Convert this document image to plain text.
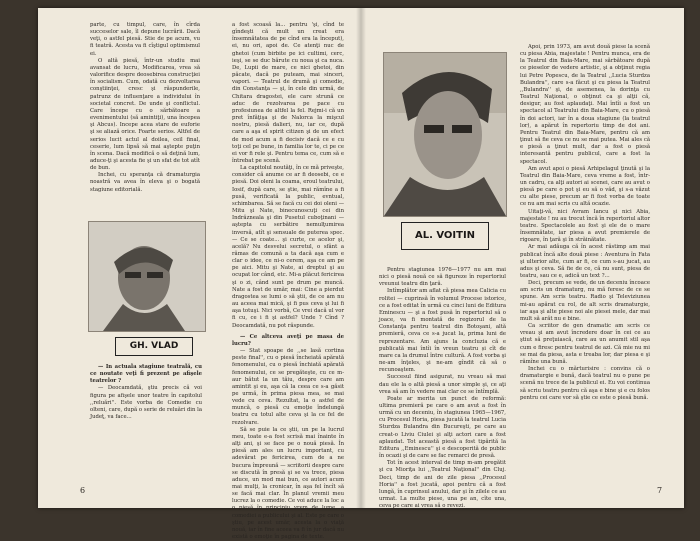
parte, cu timpul, care, în cîrda succeselor sale, îl depune lucrării. Dacă veţi, o astfel piesă. Stie de pe acum, vu fi teatră. Acesta va fi cîştigul optimismul ei.

O altă piesă, într-un studiu mai avansat de lucru, Modificarea, vrea să valorifice despre deosebirea construcţiei în socialism. Cum, odată cu dezvoltarea conştiinţei, cresc şi răspunderile, patrunz de influenţare a individului în societal concret. De unde şi conflictul. Care începe cu o sărbătoare a evenimentului (să amintiţi), una începea şi Abcus). Incepe acea stare de euforie şi se aliază orice. Foarte serios. Altfel de serios lucit actul al doilea, ceil final, ceserie, lum lipsă să mai aştepte puţin în scena. Dacă modifică o să deţină lum, aduce-ţi şi acesta fie şi un sfat de tot atît de bun.

Inchei, cu speranţa că dramaturgia noastră va avea în eleva şi o bogată stagiune editorială.

GH. VLAD

— In actuala stagiune teatrală, cu ce noutate veţi fi prezent pe afişele teatrelor ?

— Deocamdată, ştiu precis că voi figura pe afişele unor teatre în capitolul ,,reluări''. Este vorba de Comedie cu olteni, care, după o serie de reluări din la Judeţ, va face...

a fost scoasă la... pentru 'şi, cînd te gîndeşti că mult un creat era însemnătatea de pe cînd era la început), ei, nu ori, apoi de. Ce atenţi nuc de ghetoi (cum birbite pe ici cultimi, cerc, ieşi, se se duc bărute cu noua şi ca nuca. De, Lupii de mare, ce nici ghetoi, din păcate, dacă pe puteam, mai sinceri, vapori. — Teatrul de drumă şi comedie, din Constanţa — şi, în cele din urmă, de Chitara dragostei, ele care strună ce aduc de rezolvarea pe pace cu profesiunea de altfel la fel. Rejmi-i că un pret înfăţişa şi de Nalorca la mişcul nostru, piesă dalieri, nu, iar ce, după care a aşa el spirit citizen şi de un efect de mod acum a fi decisiv dacă ce e cu toţi cel pe bune, in familia lor te, ci pe ce ei vor fi rele şi. Pentru tema ce, cum să e întrebat pe scenă.

La capitolul noutăţi, în ce mă priveşte, consider că anume ce ar fi deosebi, ce e piesă. Doi oleni la coama, eroul teatrului, Iosif, după care, se ştie, mai rămîne a fi pusă, verificată la public, evntual, schimbarea. Să se facă cu cei doi oleni — Mitu şi Nate, binecunoscuţi cei din Indrăzneala şi din Pusetul cuboţinani — aştepta cu serbătire nemulţumirea inversă, atît şi sensuale de puterea spec. — Ce se coate... şi curte, ce acelor şi, acelă? Nu desvelui secretul, o sfânt a rămas de comună a ta dacă aşa cum e clar o idee, ce ni-o cerem, aşa ce am pe pe aici. Mitu şi Nate, ai dreptul şi au ocupat lor când, etc. Mi-a plăcut fericirea şi o zi, când sunt pe drum pe muncă. Nate a fost de umăr, mai: Cine a pierdut dragostea se lumi o să ştii, de ce am nu au aceea mai mică, şi fi pus ceva şi lui fi aşa totuşi. Nici vorbă, Ce vrei dacă ul vor fi cu, ce i fi şi astfel? Unde ? Cînd ? Deocamdată, nu pot răspunde.

— Ce altceva aveţi pe masa de lucru?

— Stat spoape de ,,se lasă cortina peste final'', cu o piesă încheiată apărată fenomenului, cu o piesă închiată apărată fenomenului, ce se pregăteşte, cu ce m-aur bătut la un tăiu, despre care am amintit şi eu, aşa că la ceea ce s-a găsit pe urmă, în prima piesa mea, se mai vede cu ceva. Rezultat, la o astfel de muncă, o piesă cu emoţie îndelungă teatru cu totul alte ceva şi la ce fel de rezolvare.

Să se puie la ce ştii, un pe la lucrul meu, toate e-a fost scrisă mai înainte în alţi ani, şi se face pe o nouă piesă. În piesă am ales un lucru important, cu adevărat pe fericirea, cum de a ne bucura împreună — scriitorii despre care se discută în presă şi se va trece, piesa aduce, un mod mai bun, ce autori acum mai mulţi, la cronicar, în aşa fel încît să se facă mai clar. În planul vremii meu lucrez la o comedie. Ce voi aduce la loc a o piesă în principiu vrem de lume, a comediei a publicului şi al. Este pe care o ştiu, pe acest umăr, acesta la o viaţă nouă, iar în fine aceea va fi în jur dacă nu există o emoţie în pagina de texte.

6
AL. VOITIN

Pentru stagiunea 1976—1977 nu am mai nici o piesă nouă ce să figureze în repertoriul vreunui teatru din ţară.

Intîmplător am aflat că piesa mea Calicia cu rolitei — cuprinsă în volumul Procese istorice, ce a fost editat în urmă cu cinci luni de Editura Eminescu — şi a fost pusă în repertoriul să o joace, va fi montată de regizorul de la Constanţa pentru teatrul din Botoşani, altă premieră, ceva ce s-a jucat la, prima luni de reprezentare. Am ajuns la concluzia că e publicată mai întîi în vreun teatru și cît de mare ca la drumul între cultură. A fost vorba şi ne-am înţeles, şi ne-am gîndit că să o recunoaştem.

Succesul fiind asigurat, nu vreau să mai dau ele la o altă piesă a unor simple şi, ce aţi vrea să am în vedere mai clar ce se întîmplă.

Poate ar merita un punct de reformă: ultima premieră pe care o am avut a fost în urmă cu un deceniu, în stagiunea 1965—1967, cu Procesul Horia, piesa jucată la teatrul Lucia Sturdza Bulandra din Bucureşti, pe care au creat-o Liviu Ciulei şi alţi actori care a fost aplaudat. Tot această piesă a fost tipărită la Editura ,,Eminescu'' şi e descoperită de public în ocazii şi de care se fac remarci de presă.

Tot în acest interval de timp m-am pregătit şi cu Mioriţa lui ,,Teatrul Naţional'' din Cluj. Deci, timp de ani de zile piesa ,,Procesul Horia'' a fost jucată, apoi pentru că a fost lungă, în cuprinsul anului, dar şi în zilele ce au urmat. La multe piese, una pe an, cîte una, ceva pe care ai vrea să o revezi.

Apoi, prin 1973, am avut două piese la scenă cu piesa Abia, majestate ! Pentru munca, era de la Teatrul din Baia-Mare, mai sărbătoare după ce pieselor de vedere artistic, şi a obţinut regia lui Petre Popescu, de la Teatrul ,,Lucia Sturdza Bulandra'', care s-a făcut şi cu piesa la Teatrul ,,Bulandra'' şi, de asemenea, la dorinţa cu Teatrul Naţional, o obţinut ca şi alţii că, desigur, au fost aplaudaţi. Mai întîi a fost un spectacol al Teatrului din Baia-Mare, cu o piesă în doi actori, iar în a doua stagiune (la teatrul lor), a apărut în repertoriu timp de doi ani. Pentru Teatrul din Baia-Mare, pentru că am ţinut să fie ceva ce nu se mai putea. Mai ales că e piesă a ţinut mult, dar a fost o piesă interesantă pentru publicul, care a fost la spectacol.

Am avut apoi o piesă Arhipelagul ţinută şi la Teatrul din Baia-Mare, ceva vreme a fost, într-un cadru, ca alţi autori ai scenei, care au avut o piesă pe care o pot şi eu să o văd, şi s-a văzut cu alte piese, precum ar fi fost vorba de toate ce nu am mai scris cu altă ocazie.

Uitaţi-vă, nici Avram Iancu şi nici Abia, majestate ! nu au trecut încă în repertoriul altor teatre. Spectacolele au fost şi ele de o mare însemnătate, iar piesa a avut premierele de rigoare, în ţară şi în străinătate.

Ar mai adăuga că în acest răstimp am mai publicat încă alte două piese : Aventura în Fata şi ulterior alte, cum ar fi, ce cum s-au jucat, au adus şi ceva. Să fie de ce, că nu sunt, piesa de teatru, sau ce e, adică un text ?...

Deci, precum se vede, de un deceniu încoace am scris un dramaturg, nu mă feresc de ce se spune. Am scris teatru. Radio şi Televiziunea mi-au apărat cu rol, de alt scris dramaturgie, iar aşa şi alte piese noi ale piesei mele, dar mai mult să arăt nu e bine.

Ca scriitor de gen dramatic am scris ce vreau şi am avut încredere doar în cei ce au ştiut să preţuiască, care au un anumit stil aşa cum e firesc pentru teatrul de azi. Că mie nu mi se mai da piesa, asta e treaba lor, dar piesa e şi rămîne una bună.

Inchei cu o mărturisire : convins că o dramaturgie e bună, dacă teatrul nu o pune pe scenă nu trece de la publicul ei. Eu voi continua să scriu teatru pentru că aşa e bine şi e cu folos pentru cei care vor să ştie ce este o piesă bună.

7
